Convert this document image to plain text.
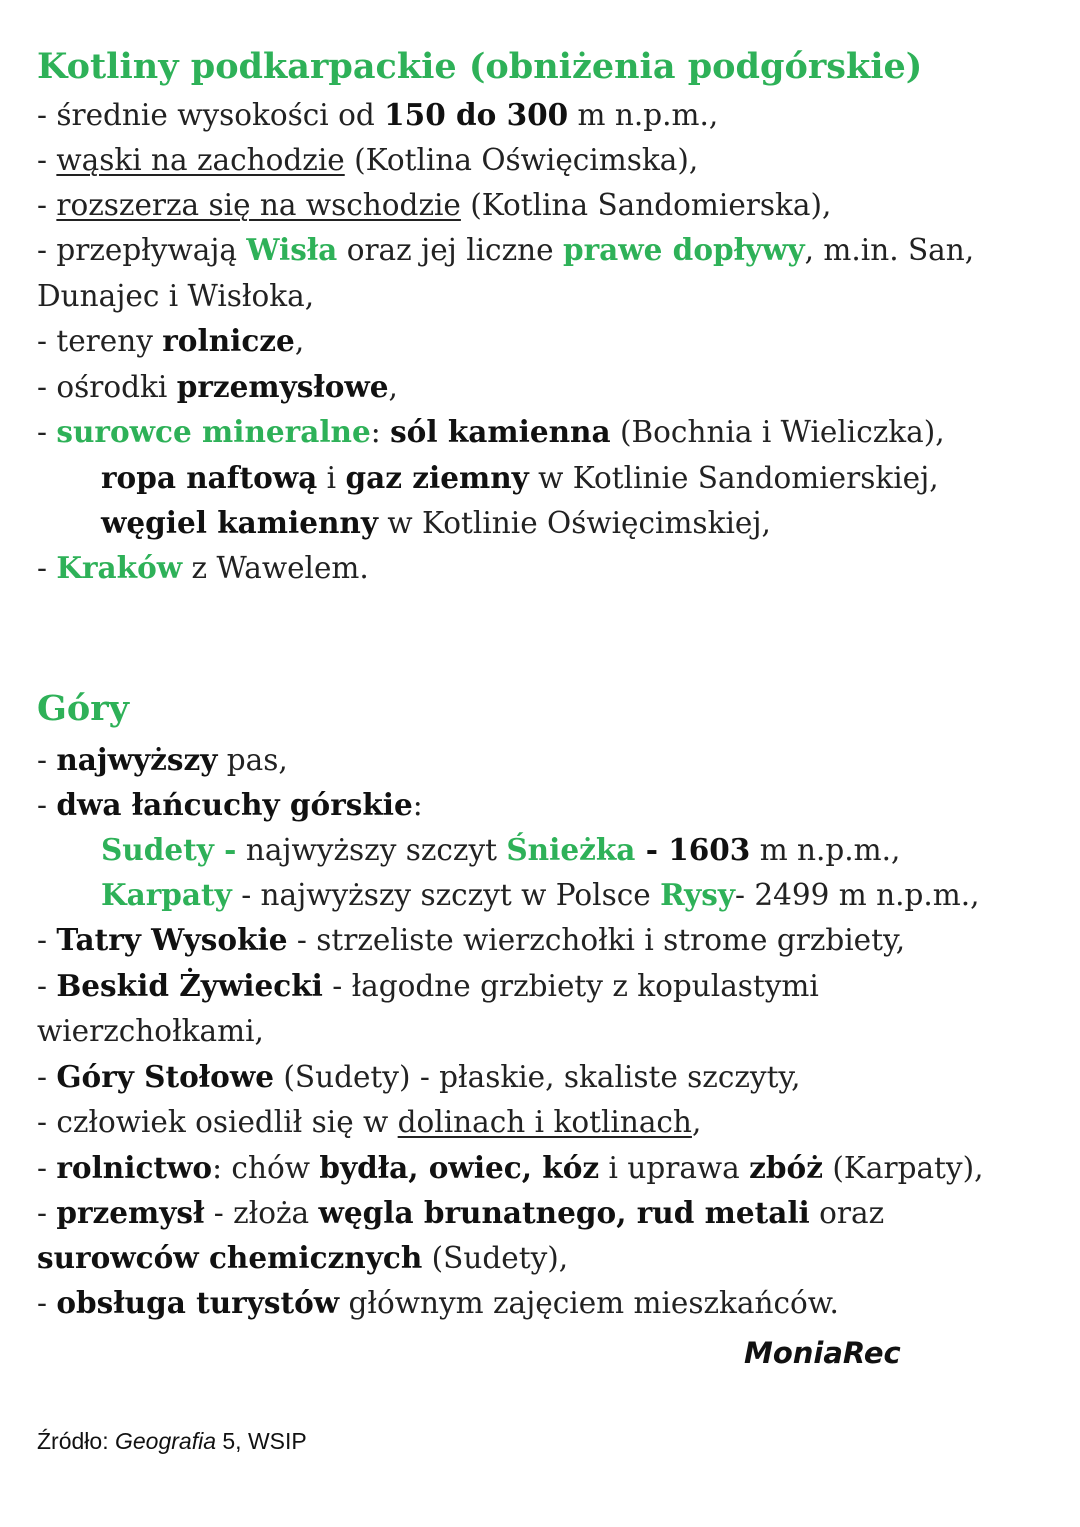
Kotliny podkarpackie (obniżenia podgórskie)

- średnie wysokości od 150 do 300 m n.p.m.,

- wąski na zachodzie (Kotlina Oświęcimska),

- rozszerza się na wschodzie (Kotlina Sandomierska),

- przepływają Wisła oraz jej liczne prawe dopływy, m.in. San,

Dunajec i Wisłoka,

- tereny rolnicze,

- ośrodki przemysłowe,

- surowce mineralne: sól kamienna (Bochnia i Wieliczka),

ropa naftową i gaz ziemny w Kotlinie Sandomierskiej,

węgiel kamienny w Kotlinie Oświęcimskiej,

- Kraków z Wawelem.

Góry

- najwyższy pas,

- dwa łańcuchy górskie:

Sudety - najwyższy szczyt Śnieżka - 1603 m n.p.m.,

Karpaty - najwyższy szczyt w Polsce Rysy- 2499 m n.p.m.,

- Tatry Wysokie - strzeliste wierzchołki i strome grzbiety,

- Beskid Żywiecki - łagodne grzbiety z kopulastymi

wierzchołkami,

- Góry Stołowe (Sudety) - płaskie, skaliste szczyty,

- człowiek osiedlił się w dolinach i kotlinach,

- rolnictwo: chów bydła, owiec, kóz i uprawa zbóż (Karpaty),

- przemysł - złoża węgla brunatnego, rud metali oraz

surowców chemicznych (Sudety),

- obsługa turystów głównym zajęciem mieszkańców.

MoniaRec

Źródło: Geografia 5, WSIP
